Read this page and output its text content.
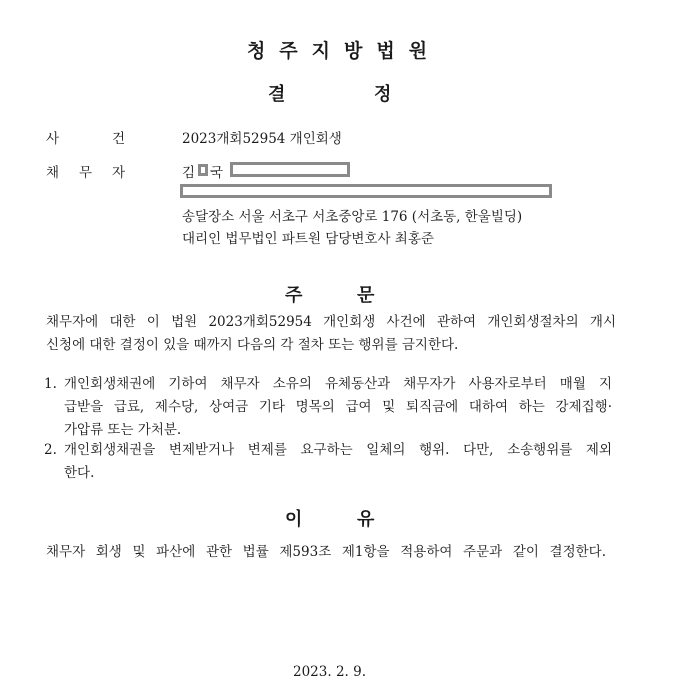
청주지방법원
결	정
사	건	2023개회52954 개인회생
채 무 자	김 국
송달장소 서울 서초구 서초중앙로 176 (서초동, 한울빌딩)
대리인 법무법인 파트원 담당변호사 최홍준
주	문
채무자에 대한 이 법원 2023개회52954 개인회생 사건에 관하여 개인회생절차의 개시
신청에 대한 결정이 있을 때까지 다음의 각 절차 또는 행위를 금지한다.
1. 개인회생채권에 기하여 채무자 소유의 유체동산과 채무자가 사용자로부터 매월 지
급받을 급료, 제수당, 상여금 기타 명목의 급여 및 퇴직금에 대하여 하는 강제집행·
가압류 또는 가처분.
2. 개인회생채권을 변제받거나 변제를 요구하는 일체의 행위. 다만, 소송행위를 제외
한다.
이	유
채무자 회생 및 파산에 관한 법률 제593조 제1항을 적용하여 주문과 같이 결정한다.
2023. 2. 9.
